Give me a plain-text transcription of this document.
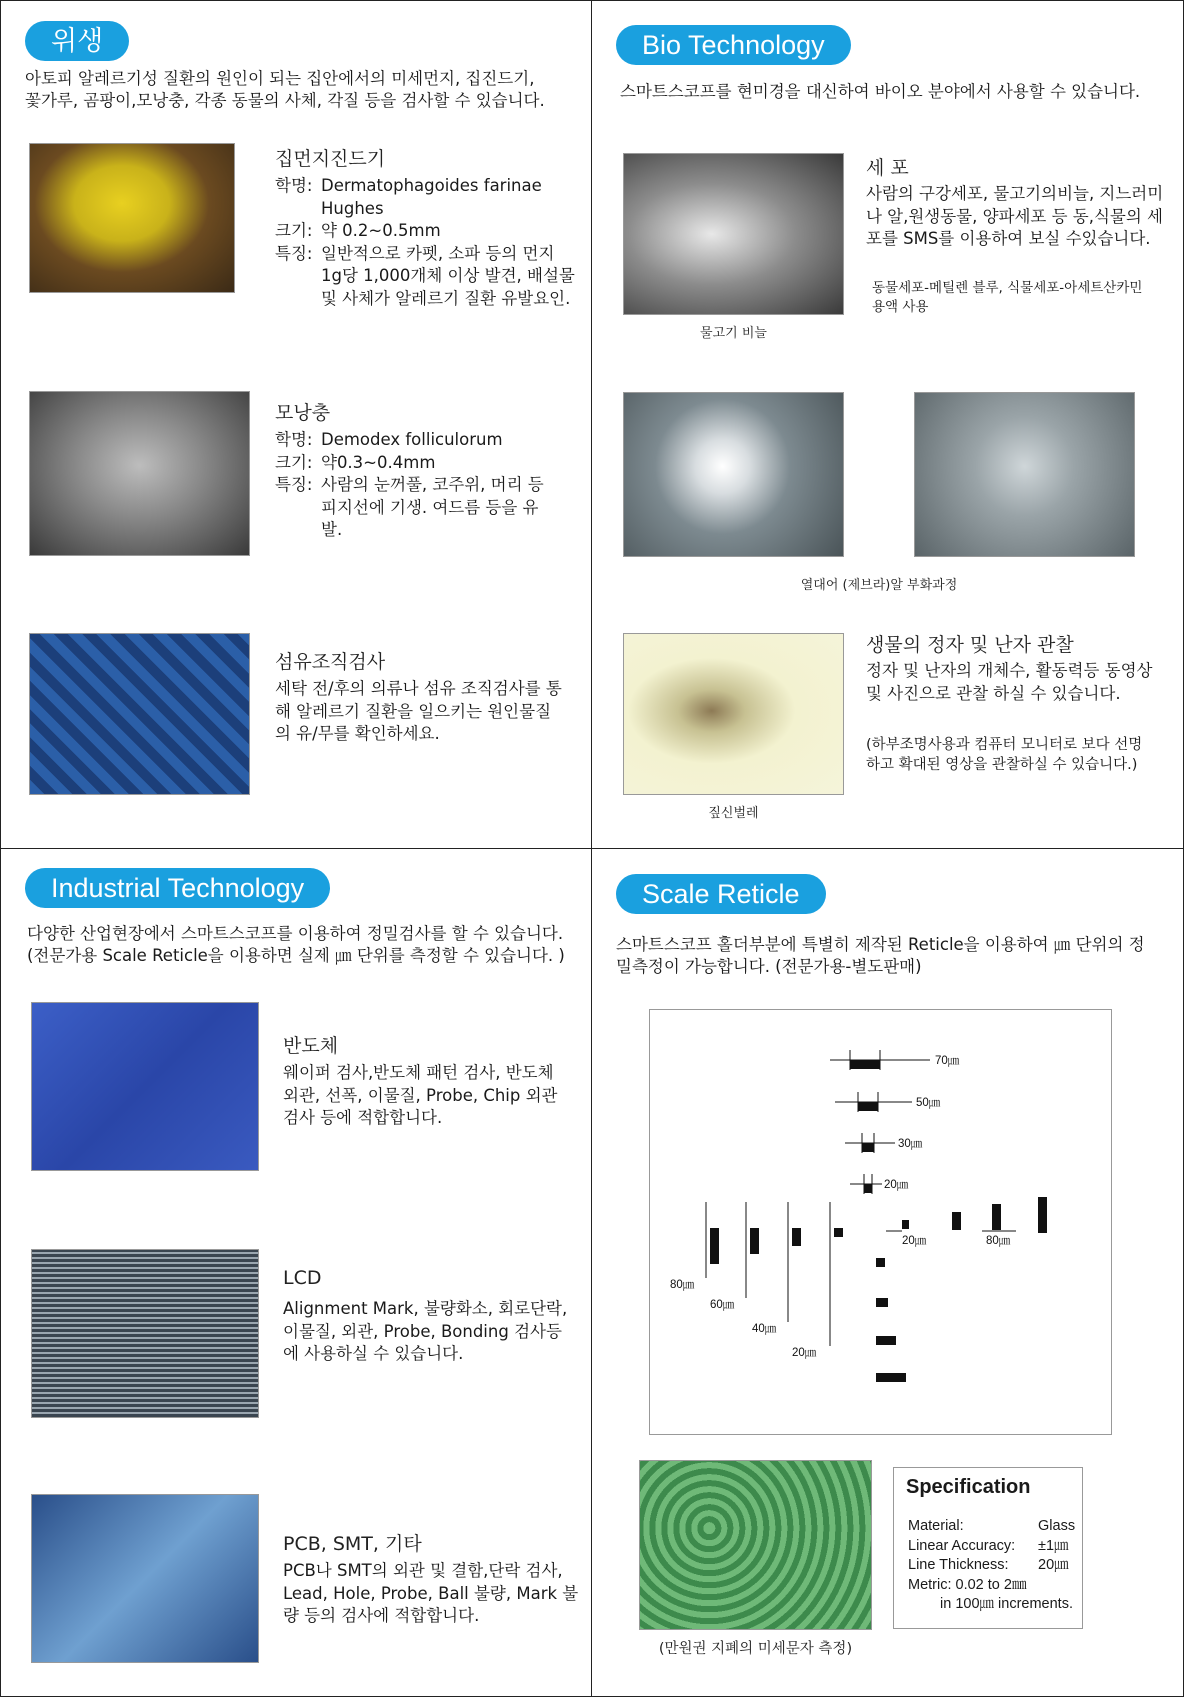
위생
아토피 알레르기성 질환의 원인이 되는 집안에서의 미세먼지, 집진드기,꽃가루, 곰팡이,모낭충, 각종 동물의 사체, 각질 등을 검사할 수 있습니다.
집먼지진드기
학명: Dermatophagoides farinae Hughes
크기: 약 0.2~0.5mm
특징: 일반적으로 카펫, 소파 등의 먼지1g당 1,000개체 이상 발견, 배설물 및 사체가 알레르기 질환 유발요인.
모낭충
학명: Demodex folliculorum
크기: 약0.3~0.4mm
특징: 사람의 눈꺼풀, 코주위, 머리 등 피지선에 기생. 여드름 등을 유발.
섬유조직검사
세탁 전/후의 의류나 섬유 조직검사를 통해 알레르기 질환을 일으키는 원인물질의 유/무를 확인하세요.
Bio Technology
스마트스코프를 현미경을 대신하여 바이오 분야에서 사용할 수 있습니다.
물고기 비늘
세 포
사람의 구강세포, 물고기의비늘, 지느러미나 알,원생동물, 양파세포 등 동,식물의 세포를 SMS를 이용하여 보실 수있습니다.
동물세포-메틸렌 블루, 식물세포-아세트산카민 용액 사용
열대어 (제브라)알 부화과정
짚신벌레
생물의 정자 및 난자 관찰
정자 및 난자의 개체수, 활동력등 동영상 및 사진으로 관찰 하실 수 있습니다.
(하부조명사용과 컴퓨터 모니터로 보다 선명하고 확대된 영상을 관찰하실 수 있습니다.)
Industrial Technology
다양한 산업현장에서 스마트스코프를 이용하여 정밀검사를 할 수 있습니다. (전문가용 Scale Reticle을 이용하면 실제 ㎛ 단위를 측정할 수 있습니다. )
반도체
웨이퍼 검사,반도체 패턴 검사, 반도체 외관, 선폭, 이물질, Probe, Chip 외관 검사 등에 적합합니다.
LCD
Alignment Mark, 불량화소, 회로단락, 이물질, 외관, Probe, Bonding 검사등에 사용하실 수 있습니다.
PCB, SMT, 기타
PCB나 SMT의 외관 및 결함,단락 검사, Lead, Hole, Probe, Ball 불량, Mark 불량 등의 검사에 적합합니다.
Scale Reticle
스마트스코프 홀더부분에 특별히 제작된 Reticle을 이용하여 ㎛ 단위의 정밀측정이 가능합니다. (전문가용-별도판매)
70㎛
50㎛
30㎛
20㎛
20㎛	80㎛
80㎛
60㎛
40㎛
20㎛
(만원권 지폐의 미세문자 측정)
Specification
Material:	Glass
Linear Accuracy:	±1㎛
Line Thickness:	20㎛
Metric: 0.02 to 2㎜
in 100㎛ increments.
